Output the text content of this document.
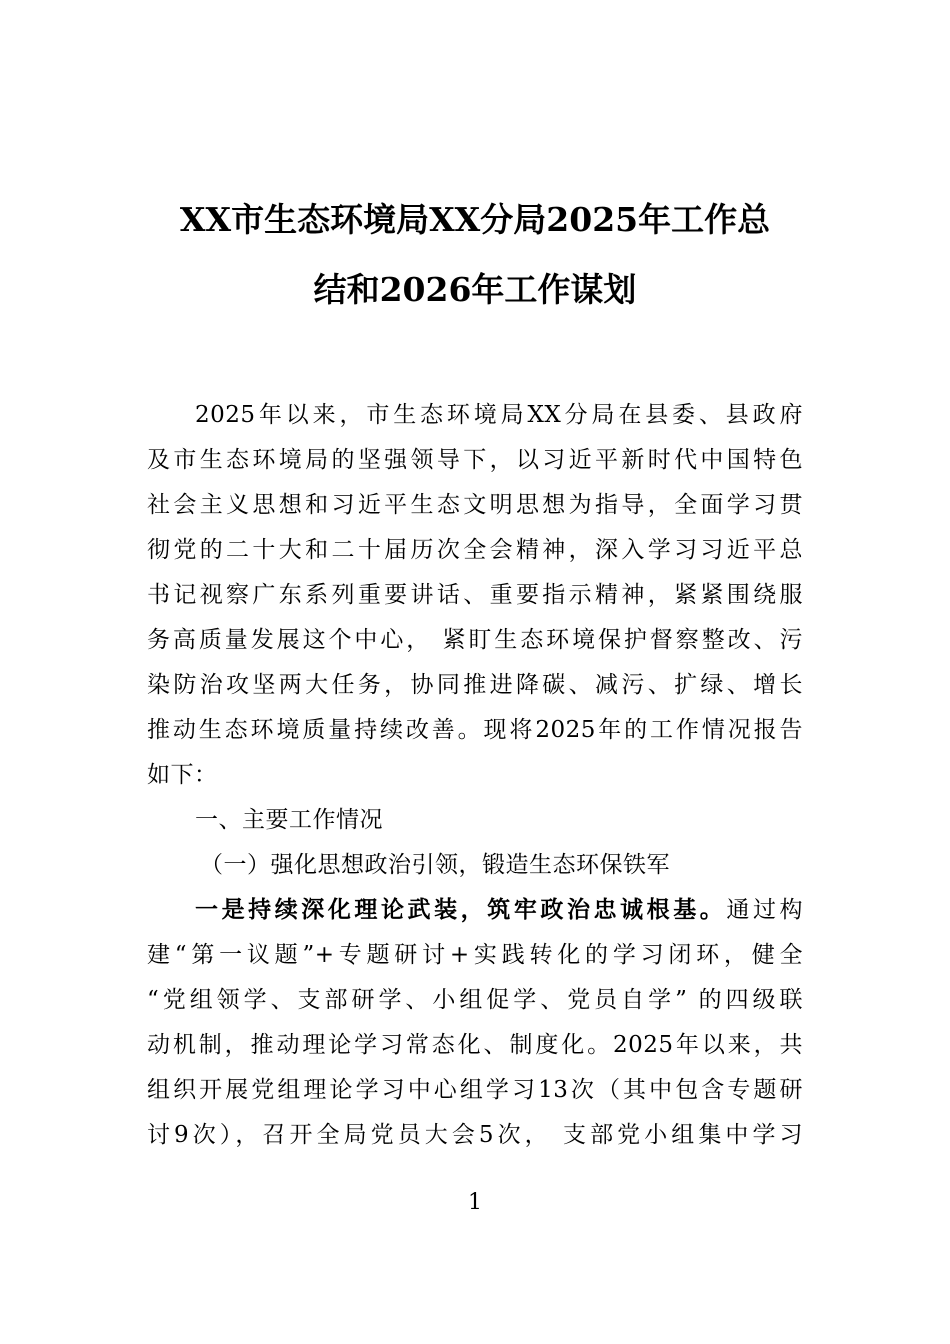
XX市生态环境局XX分局2025年工作总
结和2026年工作谋划
2025年以来，市生态环境局XX分局在县委、县政府
及市生态环境局的坚强领导下，以习近平新时代中国特色
社会主义思想和习近平生态文明思想为指导，全面学习贯
彻党的二十大和二十届历次全会精神，深入学习习近平总
书记视察广东系列重要讲话、重要指示精神，紧紧围绕服
务高质量发展这个中心， 紧盯生态环境保护督察整改、污
染防治攻坚两大任务，协同推进降碳、减污、扩绿、增长
推动生态环境质量持续改善。现将2025年的工作情况报告
如下：
一、主要工作情况
（一）强化思想政治引领，锻造生态环保铁军
一是持续深化理论武装，筑牢政治忠诚根基。通过构
建“第一议题”+专题研讨+实践转化的学习闭环，健全
“党组领学、支部研学、小组促学、党员自学” 的四级联
动机制，推动理论学习常态化、制度化。2025年以来，共
组织开展党组理论学习中心组学习13次（其中包含专题研
讨9次），召开全局党员大会5次， 支部党小组集中学习
1
